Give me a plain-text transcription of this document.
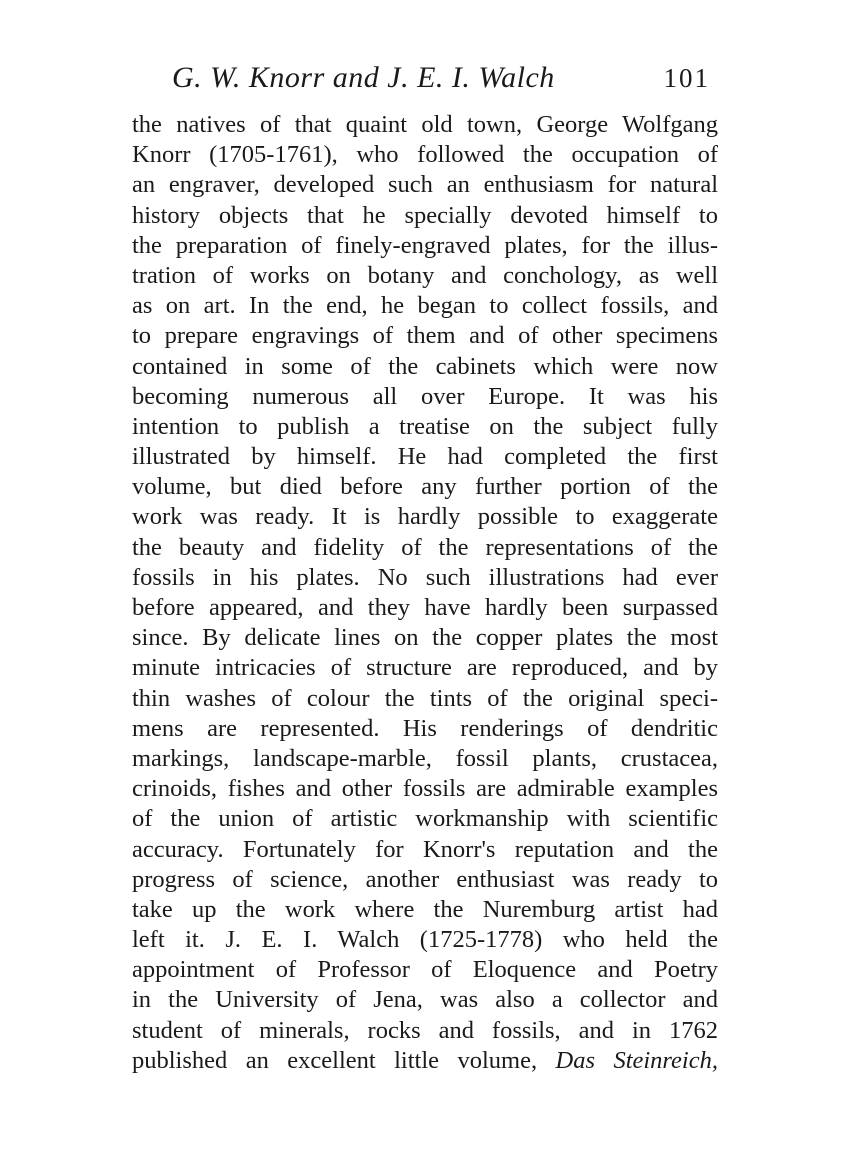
G. W. Knorr and J. E. I. Walch	101
the natives of that quaint old town, George Wolfgang
Knorr (1705-1761), who followed the occupation of
an engraver, developed such an enthusiasm for natural
history objects that he specially devoted himself to
the preparation of finely-engraved plates, for the illus-
tration of works on botany and conchology, as well
as on art. In the end, he began to collect fossils, and
to prepare engravings of them and of other specimens
contained in some of the cabinets which were now
becoming numerous all over Europe. It was his
intention to publish a treatise on the subject fully
illustrated by himself. He had completed the first
volume, but died before any further portion of the
work was ready. It is hardly possible to exaggerate
the beauty and fidelity of the representations of the
fossils in his plates. No such illustrations had ever
before appeared, and they have hardly been surpassed
since. By delicate lines on the copper plates the most
minute intricacies of structure are reproduced, and by
thin washes of colour the tints of the original speci-
mens are represented. His renderings of dendritic
markings, landscape-marble, fossil plants, crustacea,
crinoids, fishes and other fossils are admirable examples
of the union of artistic workmanship with scientific
accuracy. Fortunately for Knorr's reputation and the
progress of science, another enthusiast was ready to
take up the work where the Nuremburg artist had
left it. J. E. I. Walch (1725-1778) who held the
appointment of Professor of Eloquence and Poetry
in the University of Jena, was also a collector and
student of minerals, rocks and fossils, and in 1762
published an excellent little volume, Das Steinreich,
